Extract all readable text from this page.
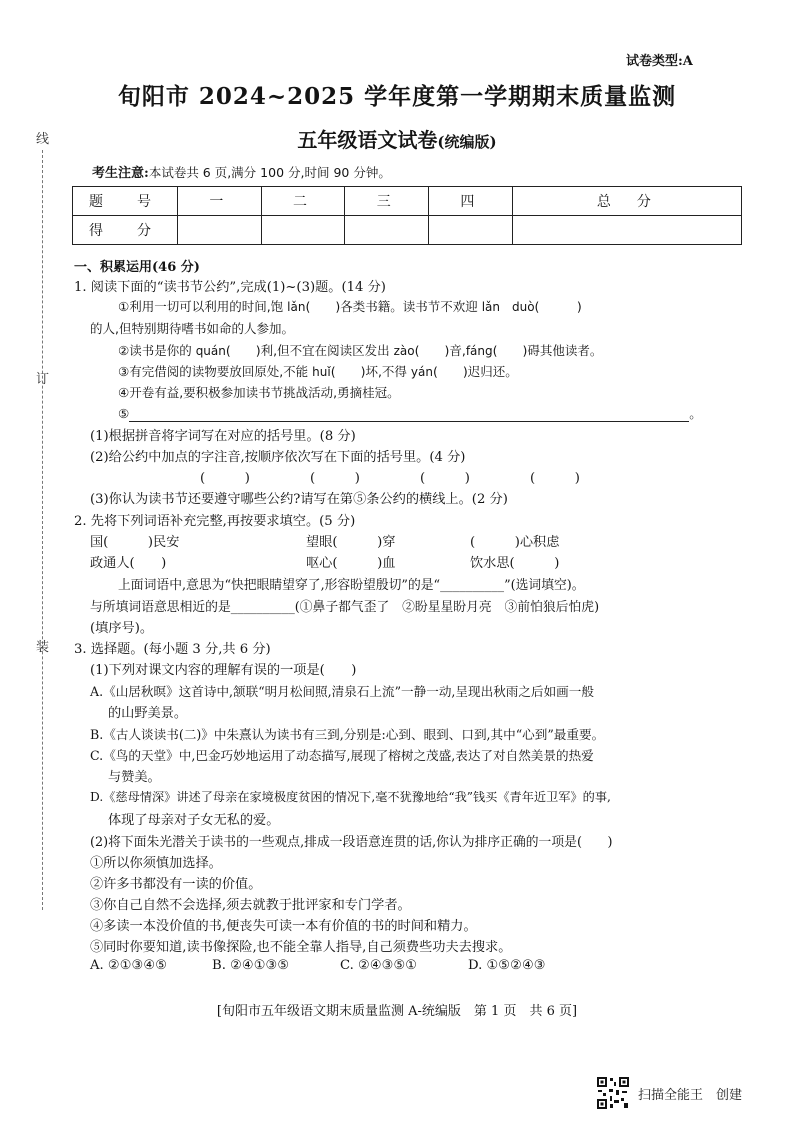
线
订
装
试卷类型:A
旬阳市 2024~2025 学年度第一学期期末质量监测
五年级语文试卷(统编版)
考生注意:本试卷共 6 页,满分 100 分,时间 90 分钟。
题　号	一	二	三	四	总　分
得　分					
一、积累运用(46 分)
1. 阅读下面的“读书节公约”,完成(1)~(3)题。(14 分)
①利用一切可以利用的时间,饱 lǎn(　　)各类书籍。读书节不欢迎 lǎn　duò(　　　)
的人,但特别期待嗜书如命的人参加。
②读书是你的 quán(　　)利,但不宜在阅读区发出 zào(　　)音,fáng(　　)碍其他读者。
③有完借阅的读物要放回原处,不能 huǐ(　　)坏,不得 yán(　　)迟归还。
④开卷有益,要积极参加读书节挑战活动,勇摘桂冠。
⑤	。
(1)根据拼音将字词写在对应的括号里。(8 分)
(2)给公约中加点的字注音,按顺序依次写在下面的括号里。(4 分)
(　　　)	(　　　)	(　　　)	(　　　)
(3)你认为读书节还要遵守哪些公约?请写在第⑤条公约的横线上。(2 分)
2. 先将下列词语补充完整,再按要求填空。(5 分)
国(　　　)民安	望眼(　　　)穿	(　　　)心积虑
政通人(　　)	呕心(　　　)血	饮水思(　　　)
上面词语中,意思为“快把眼睛望穿了,形容盼望殷切”的是“__________”(选词填空)。
与所填词语意思相近的是__________(①鼻子都气歪了　②盼星星盼月亮　③前怕狼后怕虎)
(填序号)。
3. 选择题。(每小题 3 分,共 6 分)
(1)下列对课文内容的理解有误的一项是(　　)
A.《山居秋暝》这首诗中,颔联“明月松间照,清泉石上流”一静一动,呈现出秋雨之后如画一般
的山野美景。
B.《古人谈读书(二)》中朱熹认为读书有三到,分别是:心到、眼到、口到,其中“心到”最重要。
C.《鸟的天堂》中,巴金巧妙地运用了动态描写,展现了榕树之茂盛,表达了对自然美景的热爱
与赞美。
D.《慈母情深》讲述了母亲在家境极度贫困的情况下,毫不犹豫地给“我”钱买《青年近卫军》的事,
体现了母亲对子女无私的爱。
(2)将下面朱光潜关于读书的一些观点,排成一段语意连贯的话,你认为排序正确的一项是(　　)
①所以你须慎加选择。
②许多书都没有一读的价值。
③你自己自然不会选择,须去就教于批评家和专门学者。
④多读一本没价值的书,便丧失可读一本有价值的书的时间和精力。
⑤同时你要知道,读书像探险,也不能全靠人指导,自己须费些功夫去搜求。
A. ②①③④⑤	B. ②④①③⑤	C. ②④③⑤①	D. ①⑤②④③
[旬阳市五年级语文期末质量监测 A-统编版　第 1 页　共 6 页]
扫描全能王　创建
